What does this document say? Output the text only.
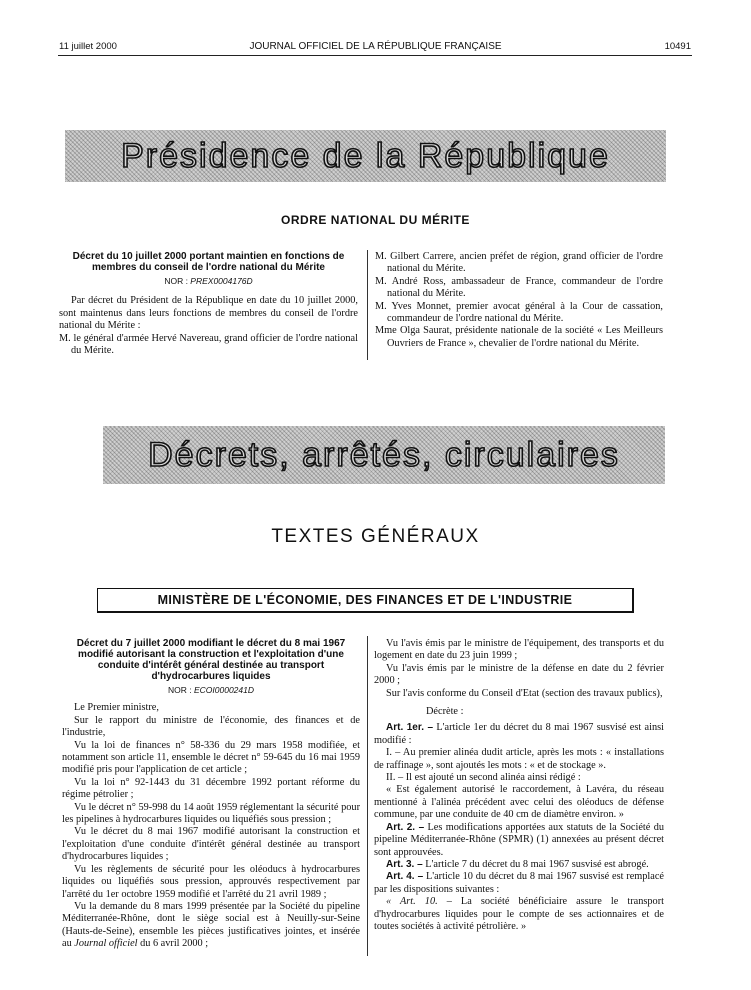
11 juillet 2000	JOURNAL OFFICIEL DE LA RÉPUBLIQUE FRANÇAISE	10491
Présidence de la République
ORDRE NATIONAL DU MÉRITE

Décret du 10 juillet 2000 portant maintien en fonctions de membres du conseil de l'ordre national du Mérite

NOR : PREX0004176D

Par décret du Président de la République en date du 10 juillet 2000, sont maintenus dans leurs fonctions de membres du conseil de l'ordre national du Mérite :

M. le général d'armée Hervé Navereau, grand officier de l'ordre national du Mérite.

M. Gilbert Carrere, ancien préfet de région, grand officier de l'ordre national du Mérite.

M. André Ross, ambassadeur de France, commandeur de l'ordre national du Mérite.

M. Yves Monnet, premier avocat général à la Cour de cassation, commandeur de l'ordre national du Mérite.

Mme Olga Saurat, présidente nationale de la société « Les Meilleurs Ouvriers de France », chevalier de l'ordre national du Mérite.

Décrets, arrêtés, circulaires
TEXTES GÉNÉRAUX
MINISTÈRE DE L'ÉCONOMIE, DES FINANCES ET DE L'INDUSTRIE

Décret du 7 juillet 2000 modifiant le décret du 8 mai 1967 modifié autorisant la construction et l'exploitation d'une conduite d'intérêt général destinée au transport d'hydrocarbures liquides

NOR : ECOI0000241D

Le Premier ministre,

Sur le rapport du ministre de l'économie, des finances et de l'industrie,

Vu la loi de finances n° 58-336 du 29 mars 1958 modifiée, et notamment son article 11, ensemble le décret n° 59-645 du 16 mai 1959 modifié pris pour l'application de cet article ;

Vu la loi n° 92-1443 du 31 décembre 1992 portant réforme du régime pétrolier ;

Vu le décret n° 59-998 du 14 août 1959 réglementant la sécurité pour les pipelines à hydrocarbures liquides ou liquéfiés sous pression ;

Vu le décret du 8 mai 1967 modifié autorisant la construction et l'exploitation d'une conduite d'intérêt général destinée au transport d'hydrocarbures liquides ;

Vu les règlements de sécurité pour les oléoducs à hydrocarbures liquides ou liquéfiés sous pression, approuvés respectivement par l'arrêté du 1er octobre 1959 modifié et l'arrêté du 21 avril 1989 ;

Vu la demande du 8 mars 1999 présentée par la Société du pipeline Méditerranée-Rhône, dont le siège social est à Neuilly-sur-Seine (Hauts-de-Seine), ensemble les pièces justificatives jointes, et insérée au Journal officiel du 6 avril 2000 ;

Vu l'avis émis par le ministre de l'équipement, des transports et du logement en date du 23 juin 1999 ;

Vu l'avis émis par le ministre de la défense en date du 2 février 2000 ;

Sur l'avis conforme du Conseil d'Etat (section des travaux publics),

Décrète :

Art. 1er. – L'article 1er du décret du 8 mai 1967 susvisé est ainsi modifié :

I. – Au premier alinéa dudit article, après les mots : « installations de raffinage », sont ajoutés les mots : « et de stockage ».

II. – Il est ajouté un second alinéa ainsi rédigé :

« Est également autorisé le raccordement, à Lavéra, du réseau mentionné à l'alinéa précédent avec celui des oléoducs de défense commune, par une conduite de 40 cm de diamètre environ. »

Art. 2. – Les modifications apportées aux statuts de la Société du pipeline Méditerranée-Rhône (SPMR) (1) annexées au présent décret sont approuvées.

Art. 3. – L'article 7 du décret du 8 mai 1967 susvisé est abrogé.

Art. 4. – L'article 10 du décret du 8 mai 1967 susvisé est remplacé par les dispositions suivantes :

« Art. 10. – La société bénéficiaire assure le transport d'hydrocarbures liquides pour le compte de ses actionnaires et de toutes sociétés à activité pétrolière. »
